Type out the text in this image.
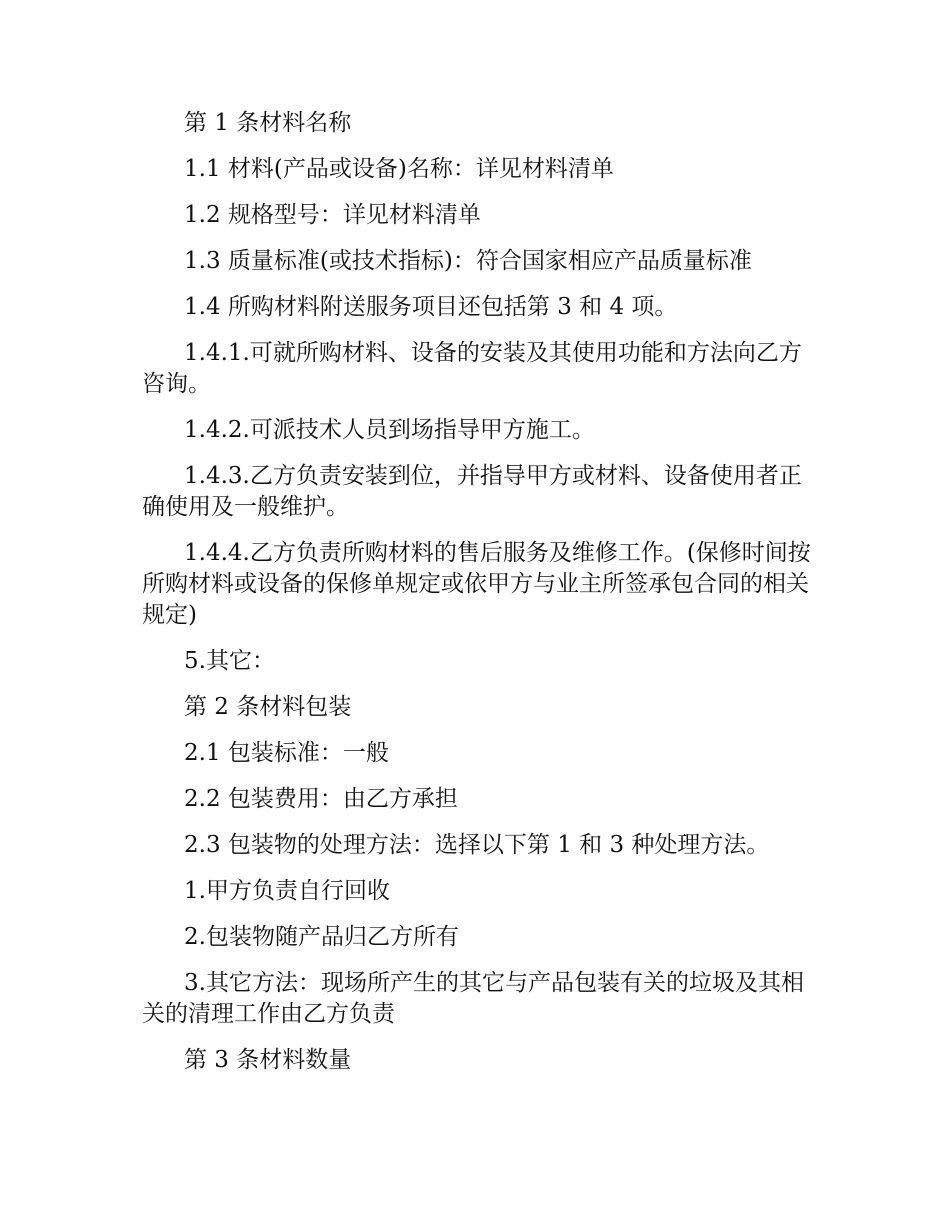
第 1 条材料名称

1.1 材料(产品或设备)名称：详见材料清单

1.2 规格型号：详见材料清单

1.3 质量标准(或技术指标)：符合国家相应产品质量标准

1.4 所购材料附送服务项目还包括第 3 和 4 项。

1.4.1.可就所购材料、设备的安装及其使用功能和方法向乙方咨询。

1.4.2.可派技术人员到场指导甲方施工。

1.4.3.乙方负责安装到位，并指导甲方或材料、设备使用者正确使用及一般维护。

1.4.4.乙方负责所购材料的售后服务及维修工作。(保修时间按所购材料或设备的保修单规定或依甲方与业主所签承包合同的相关规定)

5.其它：

第 2 条材料包装

2.1 包装标准：一般

2.2 包装费用：由乙方承担

2.3 包装物的处理方法：选择以下第 1 和 3 种处理方法。

1.甲方负责自行回收

2.包装物随产品归乙方所有

3.其它方法：现场所产生的其它与产品包装有关的垃圾及其相关的清理工作由乙方负责

第 3 条材料数量
